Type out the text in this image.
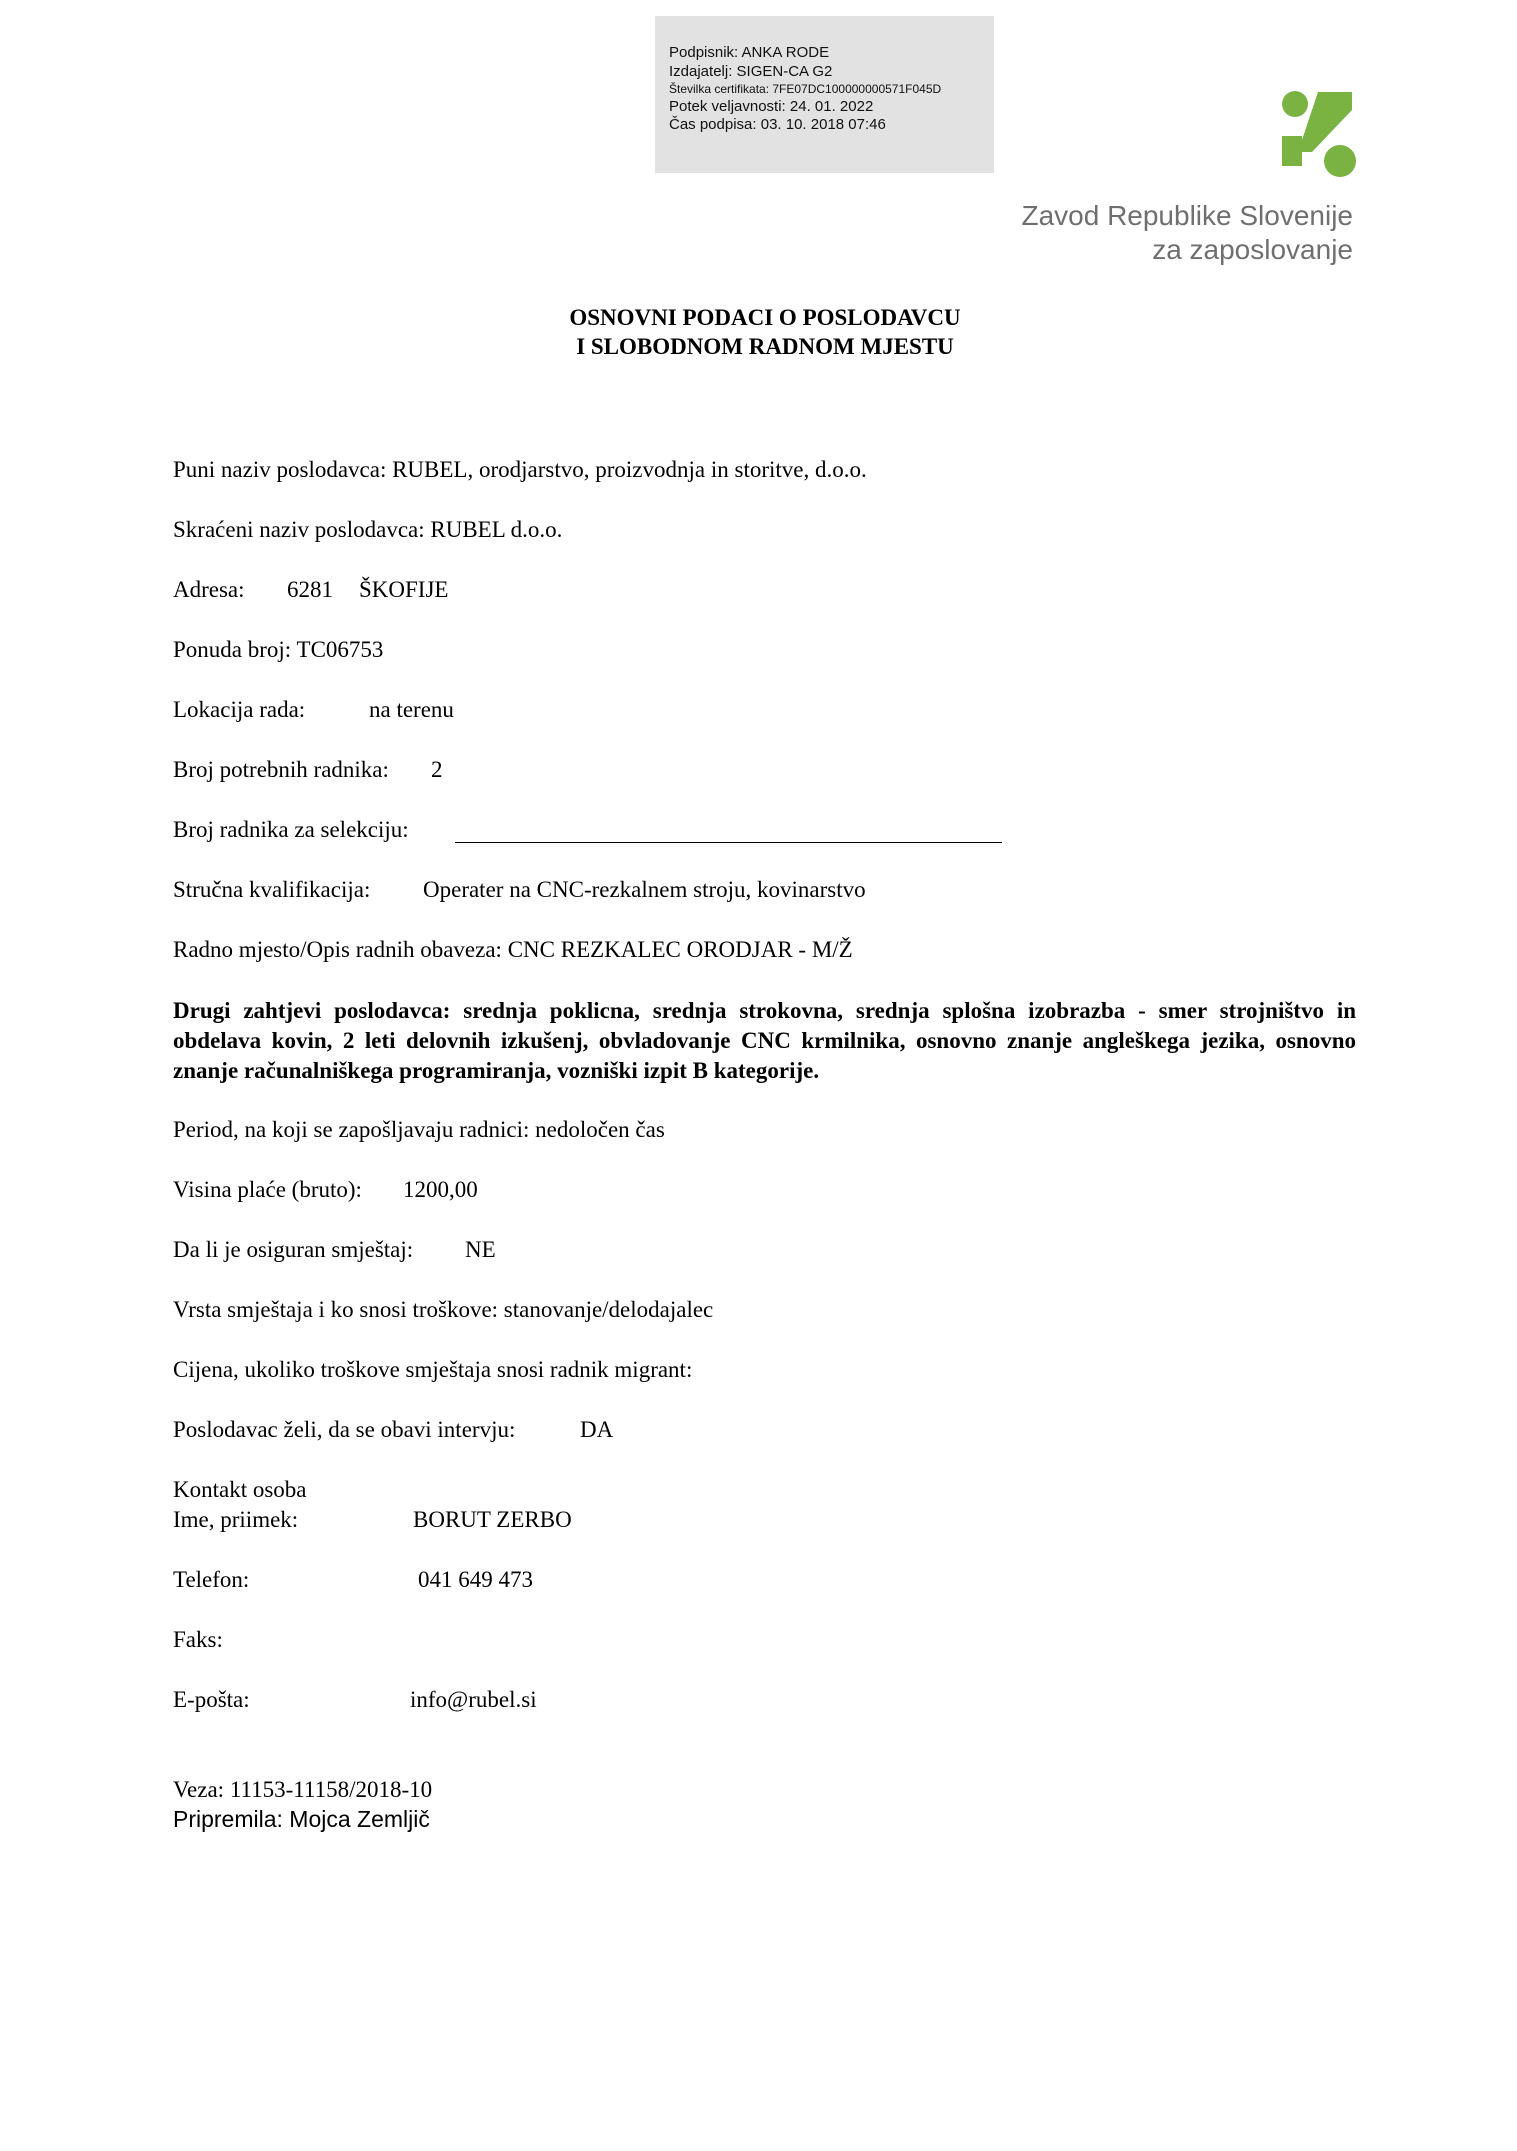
Podpisnik: ANKA RODE
Izdajatelj: SIGEN-CA G2
Številka certifikata: 7FE07DC100000000571F045D
Potek veljavnosti: 24. 01. 2022
Čas podpisa: 03. 10. 2018 07:46
Zavod Republike Slovenije
za zaposlovanje
OSNOVNI PODACI O POSLODAVCU
I SLOBODNOM RADNOM MJESTU
Puni naziv poslodavca: RUBEL, orodjarstvo, proizvodnja in storitve, d.o.o.
Skraćeni naziv poslodavca: RUBEL d.o.o.
Adresa: 6281 ŠKOFIJE
Ponuda broj: TC06753
Lokacija rada:	na terenu
Broj potrebnih radnika: 2
Broj radnika za selekciju:
Stručna kvalifikacija: Operater na CNC-rezkalnem stroju, kovinarstvo
Radno mjesto/Opis radnih obaveza: CNC REZKALEC ORODJAR - M/Ž
Drugi zahtjevi poslodavca: srednja poklicna, srednja strokovna, srednja splošna izobrazba - smer strojništvo in obdelava kovin, 2 leti delovnih izkušenj, obvladovanje CNC krmilnika, osnovno znanje angleškega jezika, osnovno znanje računalniškega programiranja, vozniški izpit B kategorije.
Period, na koji se zapošljavaju radnici: nedoločen čas
Visina plaće (bruto): 1200,00
Da li je osiguran smještaj: NE
Vrsta smještaja i ko snosi troškove: stanovanje/delodajalec
Cijena, ukoliko troškove smještaja snosi radnik migrant:
Poslodavac želi, da se obavi intervju:	DA
Kontakt osoba
Ime, priimek:	BORUT ZERBO
Telefon:	041 649 473
Faks:
E-pošta:	info@rubel.si
Veza: 11153-11158/2018-10
Pripremila: Mojca Zemljič
